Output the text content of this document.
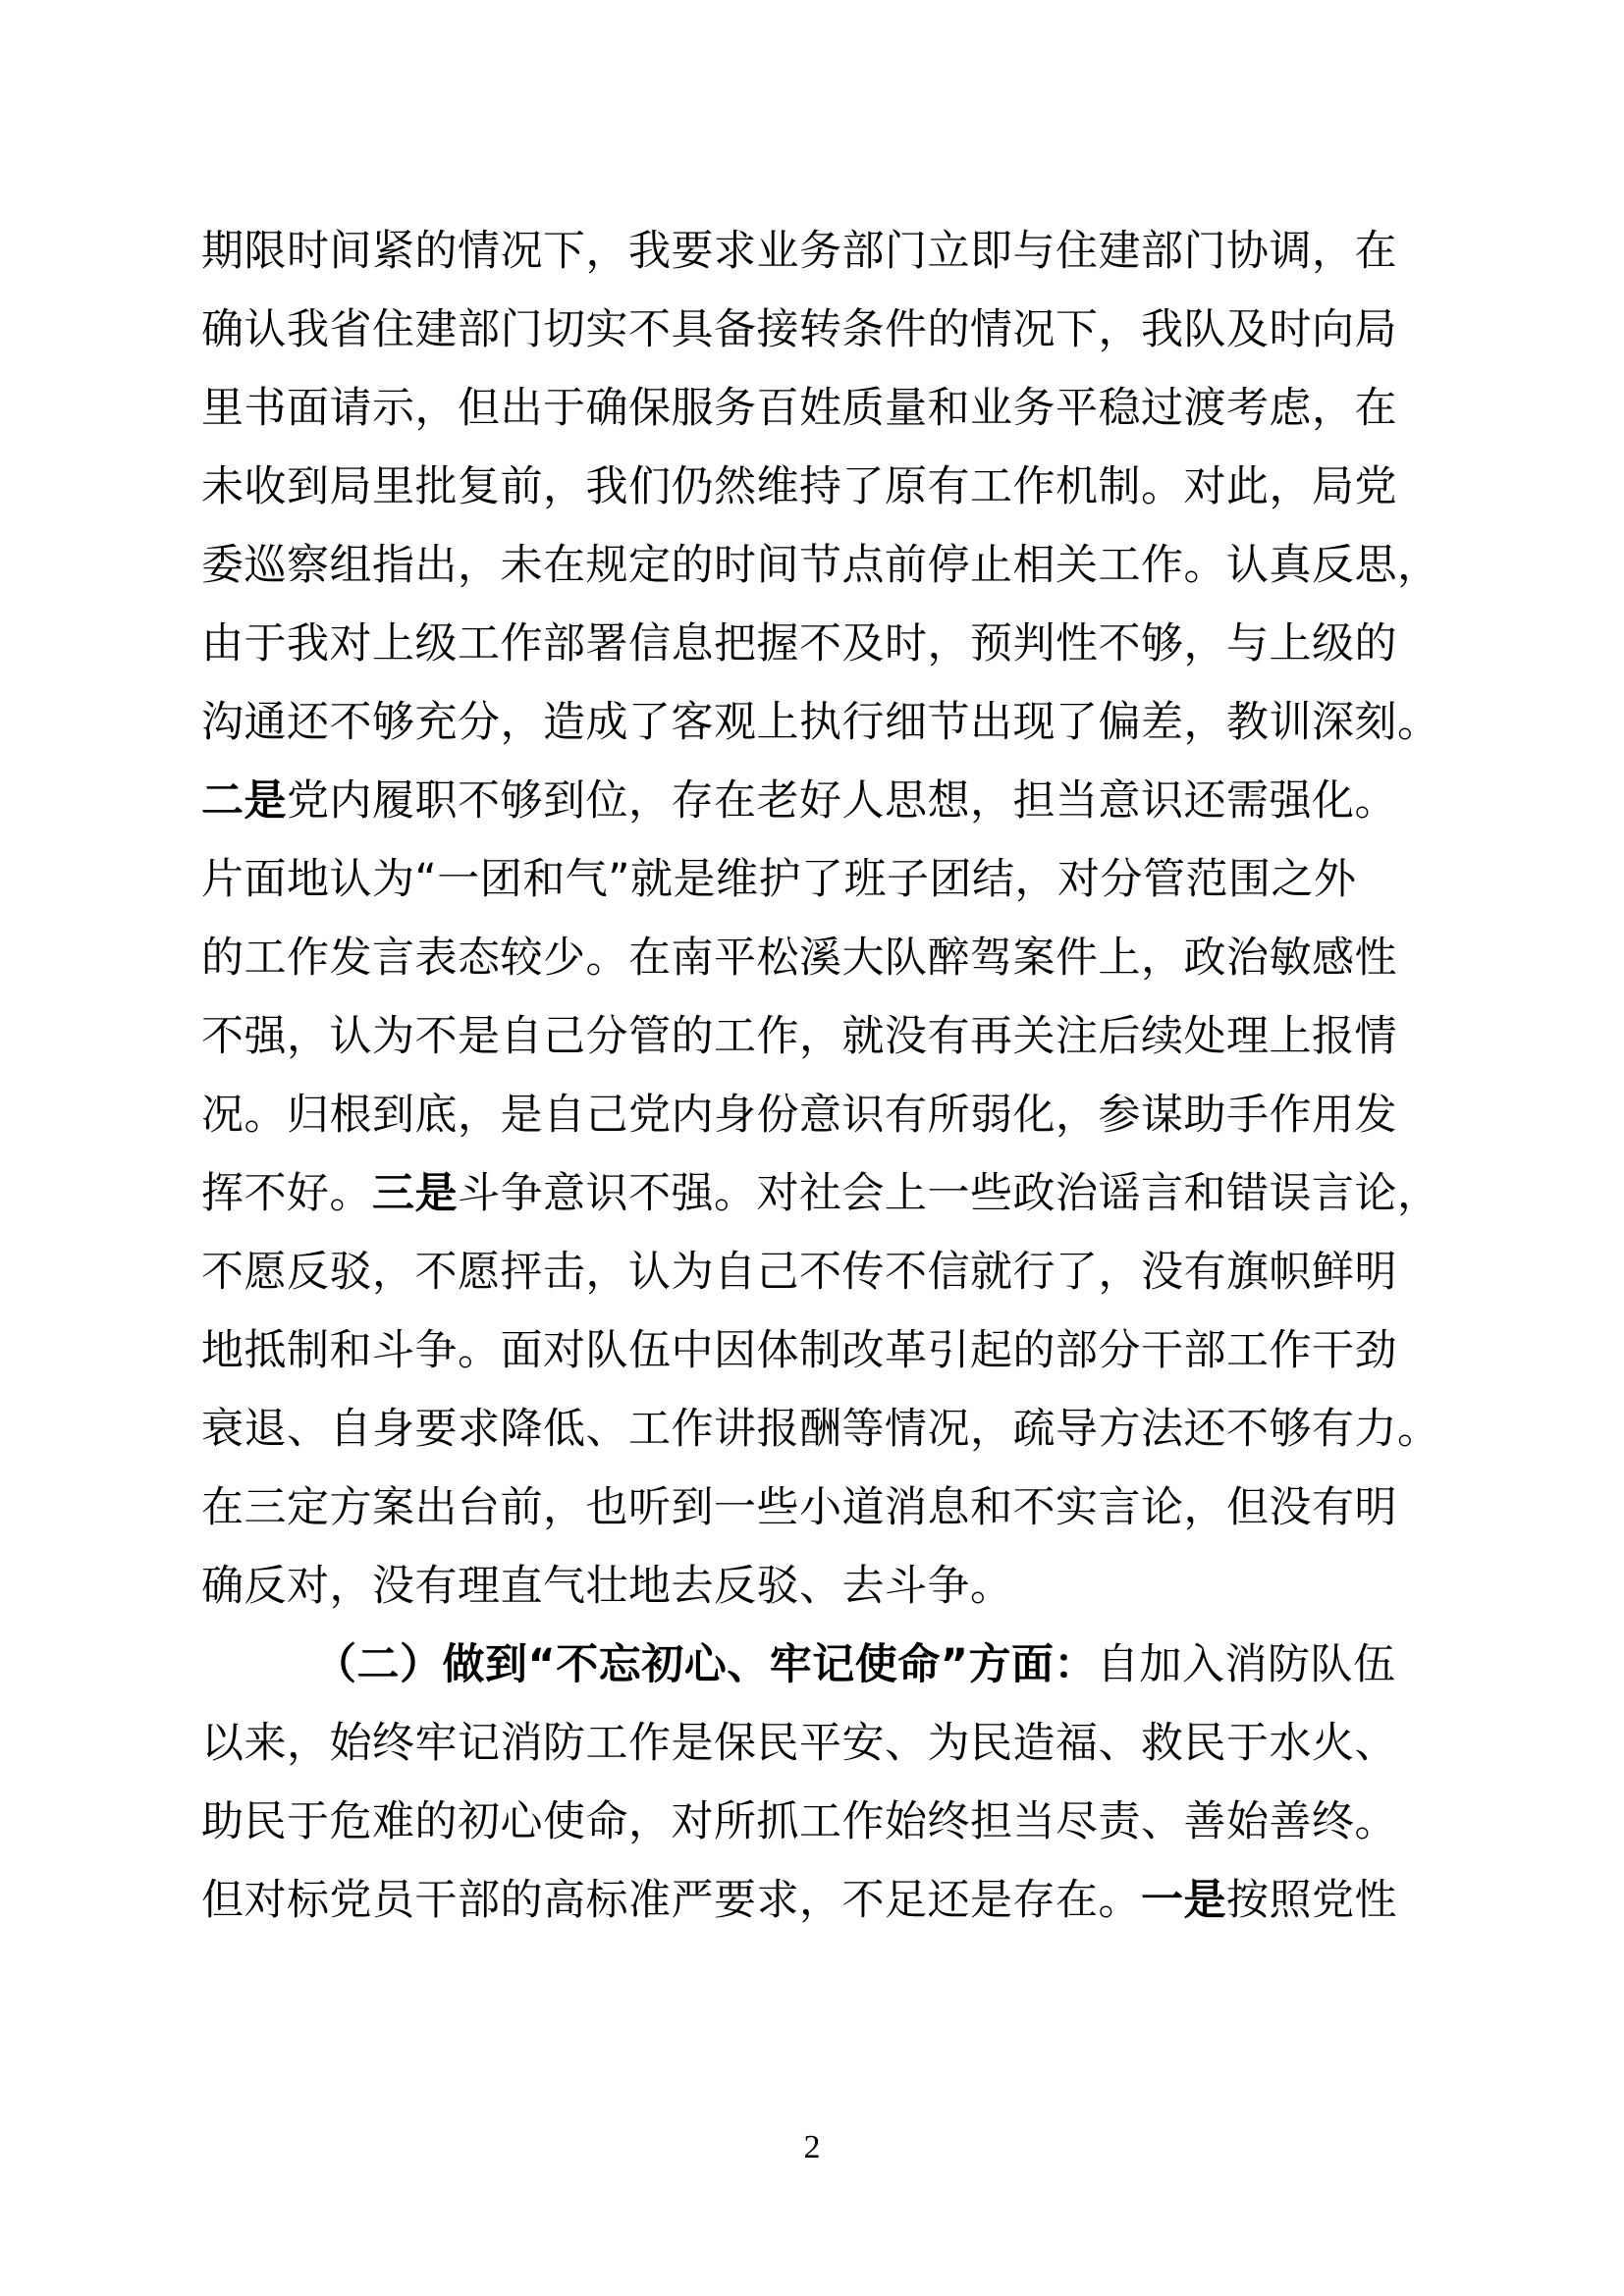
期限时间紧的情况下，我要求业务部门立即与住建部门协调，在
确认我省住建部门切实不具备接转条件的情况下，我队及时向局
里书面请示，但出于确保服务百姓质量和业务平稳过渡考虑，在
未收到局里批复前，我们仍然维持了原有工作机制。对此，局党
委巡察组指出，未在规定的时间节点前停止相关工作。认真反思，
由于我对上级工作部署信息把握不及时，预判性不够，与上级的
沟通还不够充分，造成了客观上执行细节出现了偏差，教训深刻。
二是党内履职不够到位，存在老好人思想，担当意识还需强化。
片面地认为“一团和气”就是维护了班子团结，对分管范围之外
的工作发言表态较少。在南平松溪大队醉驾案件上，政治敏感性
不强，认为不是自己分管的工作，就没有再关注后续处理上报情
况。归根到底，是自己党内身份意识有所弱化，参谋助手作用发
挥不好。三是斗争意识不强。对社会上一些政治谣言和错误言论，
不愿反驳，不愿抨击，认为自己不传不信就行了，没有旗帜鲜明
地抵制和斗争。面对队伍中因体制改革引起的部分干部工作干劲
衰退、自身要求降低、工作讲报酬等情况，疏导方法还不够有力。
在三定方案出台前，也听到一些小道消息和不实言论，但没有明
确反对，没有理直气壮地去反驳、去斗争。
（二）做到“不忘初心、牢记使命”方面：自加入消防队伍
以来，始终牢记消防工作是保民平安、为民造福、救民于水火、
助民于危难的初心使命，对所抓工作始终担当尽责、善始善终。
但对标党员干部的高标准严要求，不足还是存在。一是按照党性
2
